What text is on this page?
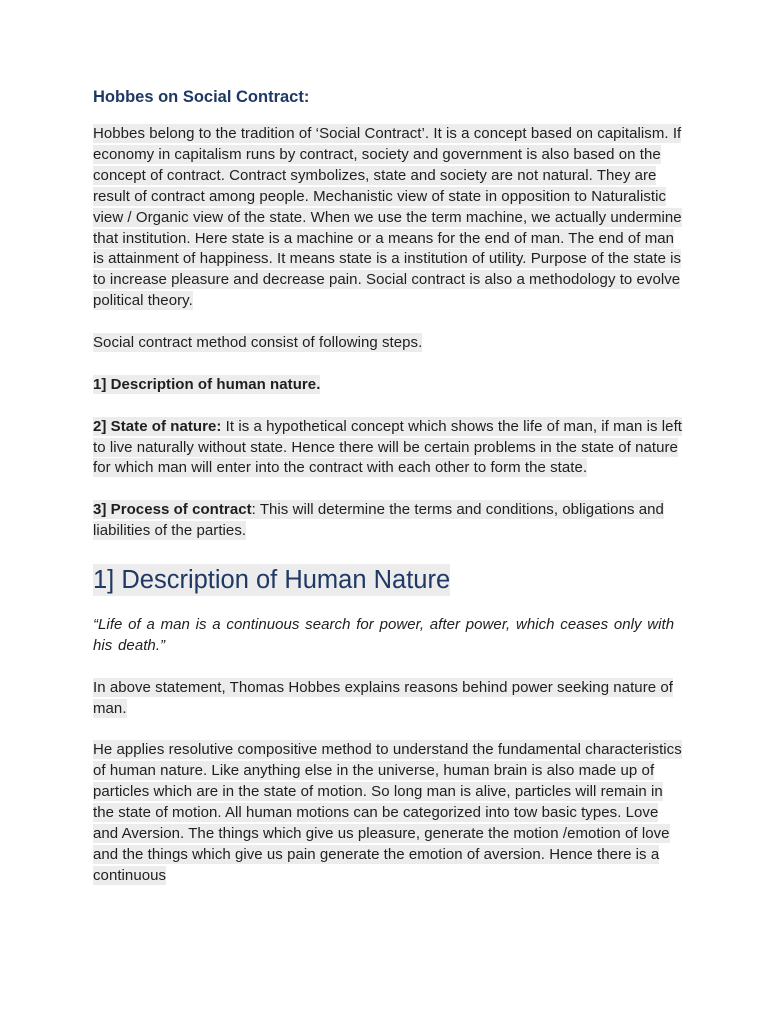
Hobbes on Social Contract:

Hobbes belong to the tradition of ‘Social Contract’. It is a concept based on capitalism. If economy in capitalism runs by contract, society and government is also based on the concept of contract. Contract symbolizes, state and society are not natural. They are result of contract among people. Mechanistic view of state in opposition to Naturalistic view / Organic view of the state. When we use the term machine, we actually undermine that institution. Here state is a machine or a means for the end of man. The end of man is attainment of happiness. It means state is a institution of utility. Purpose of the state is to increase pleasure and decrease pain. Social contract is also a methodology to evolve political theory.

Social contract method consist of following steps.

1] Description of human nature.

2] State of nature: It is a hypothetical concept which shows the life of man, if man is left to live naturally without state. Hence there will be certain problems in the state of nature for which man will enter into the contract with each other to form the state.

3] Process of contract: This will determine the terms and conditions, obligations and liabilities of the parties.

1] Description of Human Nature

“Life of a man is a continuous search for power, after power, which ceases only with his death.”

In above statement, Thomas Hobbes explains reasons behind power seeking nature of man.

He applies resolutive compositive method to understand the fundamental characteristics of human nature. Like anything else in the universe, human brain is also made up of particles which are in the state of motion. So long man is alive, particles will remain in the state of motion. All human motions can be categorized into tow basic types. Love and Aversion. The things which give us pleasure, generate the motion /emotion of love and the things which give us pain generate the emotion of aversion. Hence there is a continuous
